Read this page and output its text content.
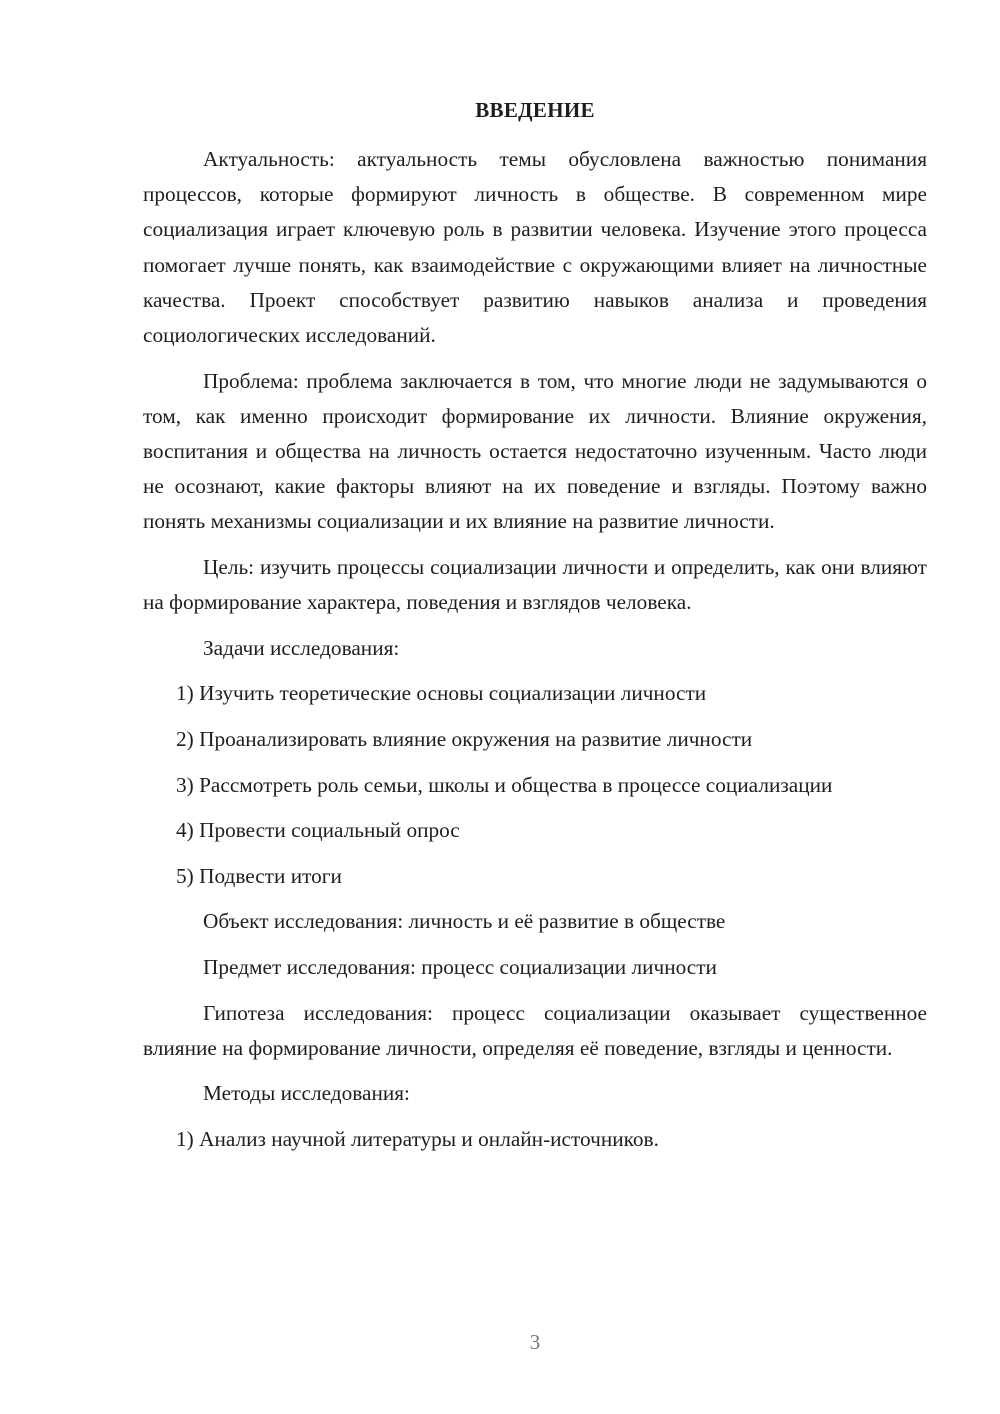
ВВЕДЕНИЕ

Актуальность: актуальность темы обусловлена важностью понимания процессов, которые формируют личность в обществе. В современном мире социализация играет ключевую роль в развитии человека. Изучение этого процесса помогает лучше понять, как взаимодействие с окружающими влияет на личностные качества. Проект способствует развитию навыков анализа и проведения социологических исследований.

Проблема: проблема заключается в том, что многие люди не задумываются о том, как именно происходит формирование их личности. Влияние окружения, воспитания и общества на личность остается недостаточно изученным. Часто люди не осознают, какие факторы влияют на их поведение и взгляды. Поэтому важно понять механизмы социализации и их влияние на развитие личности.

Цель: изучить процессы социализации личности и определить, как они влияют на формирование характера, поведения и взглядов человека.

Задачи исследования:

1) Изучить теоретические основы социализации личности

2) Проанализировать влияние окружения на развитие личности

3) Рассмотреть роль семьи, школы и общества в процессе социализации

4) Провести социальный опрос

5) Подвести итоги

Объект исследования: личность и её развитие в обществе

Предмет исследования: процесс социализации личности

Гипотеза исследования: процесс социализации оказывает существенное влияние на формирование личности, определяя её поведение, взгляды и ценности.

Методы исследования:

1) Анализ научной литературы и онлайн-источников.

3
